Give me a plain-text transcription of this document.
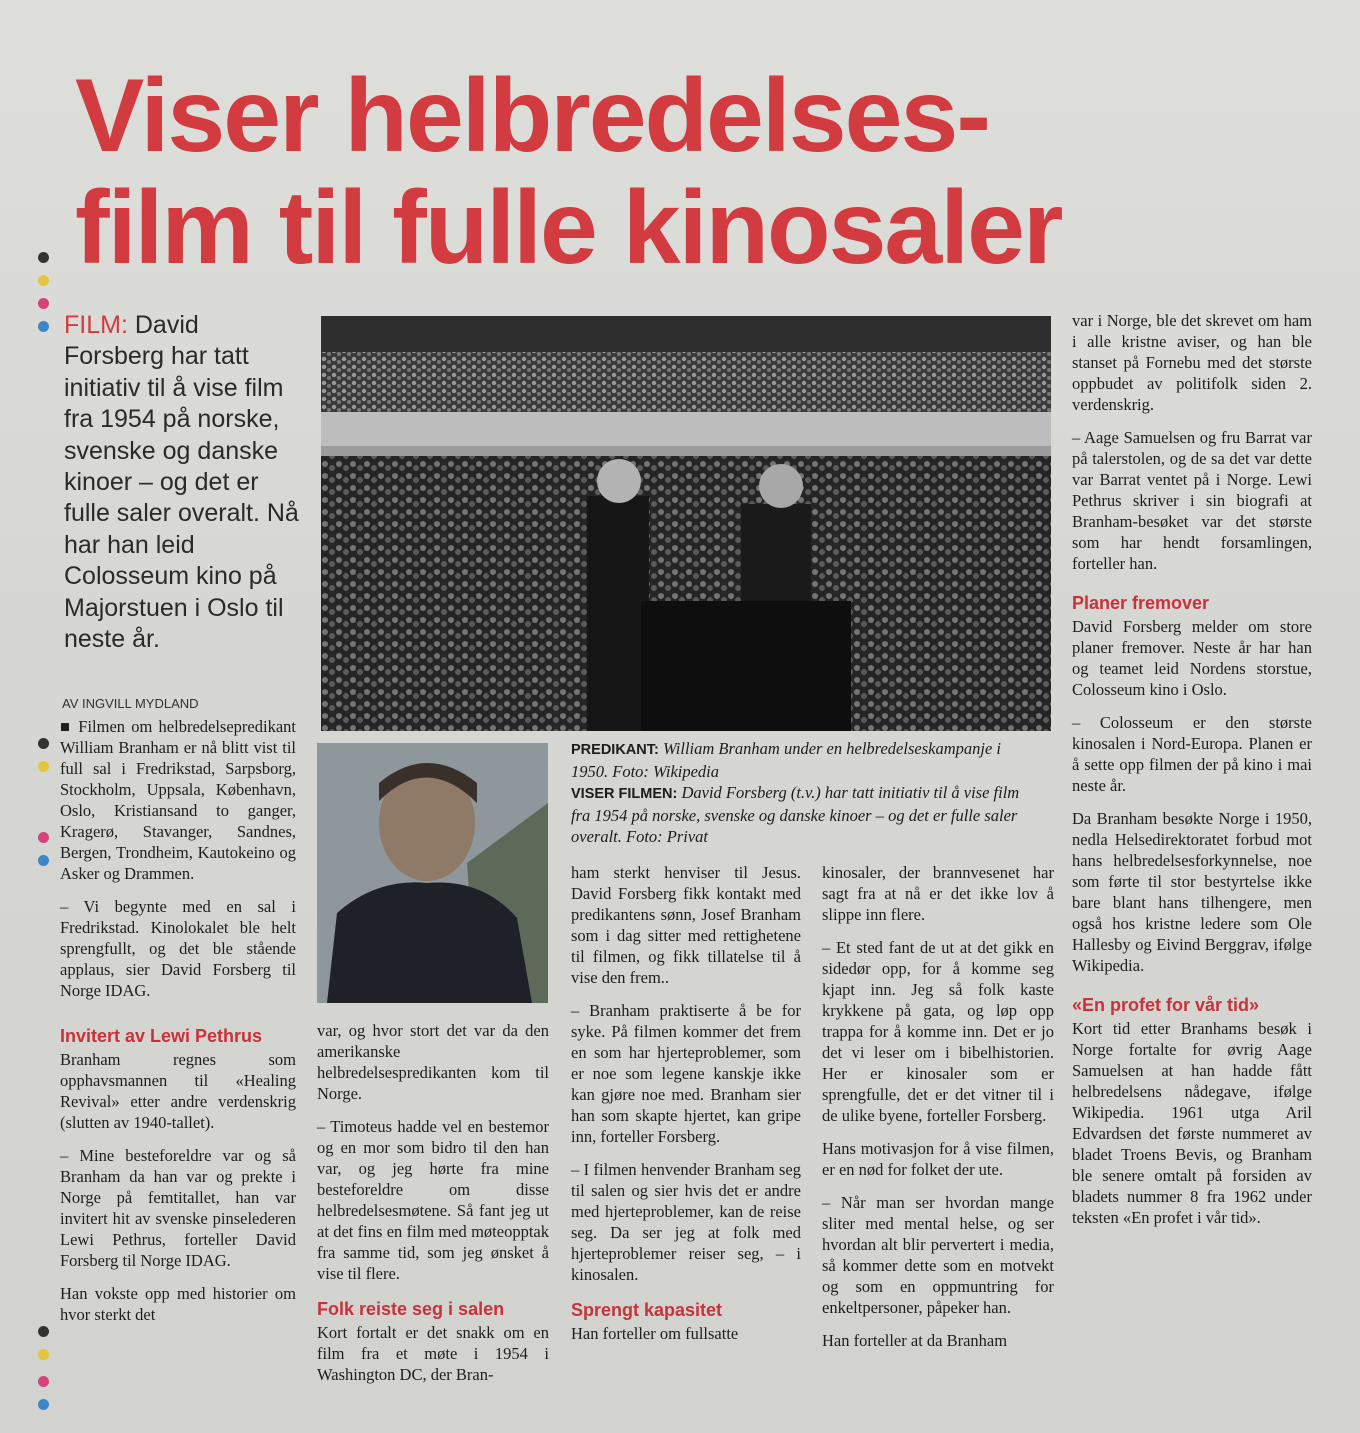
Viser helbredelses-
film til fulle kinosaler

FILM: David Forsberg har tatt initiativ til å vise film fra 1954 på norske, svenske og danske kinoer – og det er fulle saler overalt. Nå har han leid Colosseum kino på Majorstuen i Oslo til neste år.

AV INGVILL MYDLAND

PREDIKANT: William Branham under en helbredelseskampanje i 1950. Foto: Wikipedia
VISER FILMEN: David Forsberg (t.v.) har tatt initiativ til å vise film fra 1954 på norske, svenske og danske kinoer – og det er fulle saler overalt. Foto: Privat

■ Filmen om helbredelsepredikant William Branham er nå blitt vist til full sal i Fredrikstad, Sarpsborg, Stockholm, Uppsala, København, Oslo, Kristiansand to ganger, Kragerø, Stavanger, Sandnes, Bergen, Trondheim, Kautokeino og Asker og Drammen.

– Vi begynte med en sal i Fredrikstad. Kinolokalet ble helt sprengfullt, og det ble stående applaus, sier David Forsberg til Norge IDAG.

Invitert av Lewi Pethrus

Branham regnes som opphavsmannen til «Healing Revival» etter andre verdenskrig (slutten av 1940-tallet).

– Mine besteforeldre var og så Branham da han var og prekte i Norge på femtitallet, han var invitert hit av svenske pinselederen Lewi Pethrus, forteller David Forsberg til Norge IDAG.

Han vokste opp med historier om hvor sterkt det

var, og hvor stort det var da den amerikanske helbredelsespredikanten kom til Norge.

– Timoteus hadde vel en bestemor og en mor som bidro til den han var, og jeg hørte fra mine besteforeldre om disse helbredelsesmøtene. Så fant jeg ut at det fins en film med møteopptak fra samme tid, som jeg ønsket å vise til flere.

Folk reiste seg i salen

Kort fortalt er det snakk om en film fra et møte i 1954 i Washington DC, der Bran-

ham sterkt henviser til Jesus. David Forsberg fikk kontakt med predikantens sønn, Josef Branham som i dag sitter med rettighetene til filmen, og fikk tillatelse til å vise den frem..

– Branham praktiserte å be for syke. På filmen kommer det frem en som har hjerteproblemer, som er noe som legene kanskje ikke kan gjøre noe med. Branham sier han som skapte hjertet, kan gripe inn, forteller Forsberg.

– I filmen henvender Branham seg til salen og sier hvis det er andre med hjerteproblemer, kan de reise seg. Da ser jeg at folk med hjerteproblemer reiser seg, – i kinosalen.

Sprengt kapasitet

Han forteller om fullsatte

kinosaler, der brannvesenet har sagt fra at nå er det ikke lov å slippe inn flere.

– Et sted fant de ut at det gikk en sidedør opp, for å komme seg kjapt inn. Jeg så folk kaste krykkene på gata, og løp opp trappa for å komme inn. Det er jo det vi leser om i bibelhistorien. Her er kinosaler som er sprengfulle, det er det vitner til i de ulike byene, forteller Forsberg.

Hans motivasjon for å vise filmen, er en nød for folket der ute.

– Når man ser hvordan mange sliter med mental helse, og ser hvordan alt blir pervertert i media, så kommer dette som en motvekt og som en oppmuntring for enkeltpersoner, påpeker han.

Han forteller at da Branham

var i Norge, ble det skrevet om ham i alle kristne aviser, og han ble stanset på Fornebu med det største oppbudet av politifolk siden 2. verdenskrig.

– Aage Samuelsen og fru Barrat var på talerstolen, og de sa det var dette var Barrat ventet på i Norge. Lewi Pethrus skriver i sin biografi at Branham-besøket var det største som har hendt forsamlingen, forteller han.

Planer fremover

David Forsberg melder om store planer fremover. Neste år har han og teamet leid Nordens storstue, Colosseum kino i Oslo.

– Colosseum er den største kinosalen i Nord-Europa. Planen er å sette opp filmen der på kino i mai neste år.

Da Branham besøkte Norge i 1950, nedla Helsedirektoratet forbud mot hans helbredelsesforkynnelse, noe som førte til stor bestyrtelse ikke bare blant hans tilhengere, men også hos kristne ledere som Ole Hallesby og Eivind Berggrav, ifølge Wikipedia.

«En profet for vår tid»

Kort tid etter Branhams besøk i Norge fortalte for øvrig Aage Samuelsen at han hadde fått helbredelsens nådegave, ifølge Wikipedia. 1961 utga Aril Edvardsen det første nummeret av bladet Troens Bevis, og Branham ble senere omtalt på forsiden av bladets nummer 8 fra 1962 under teksten «En profet i vår tid».
